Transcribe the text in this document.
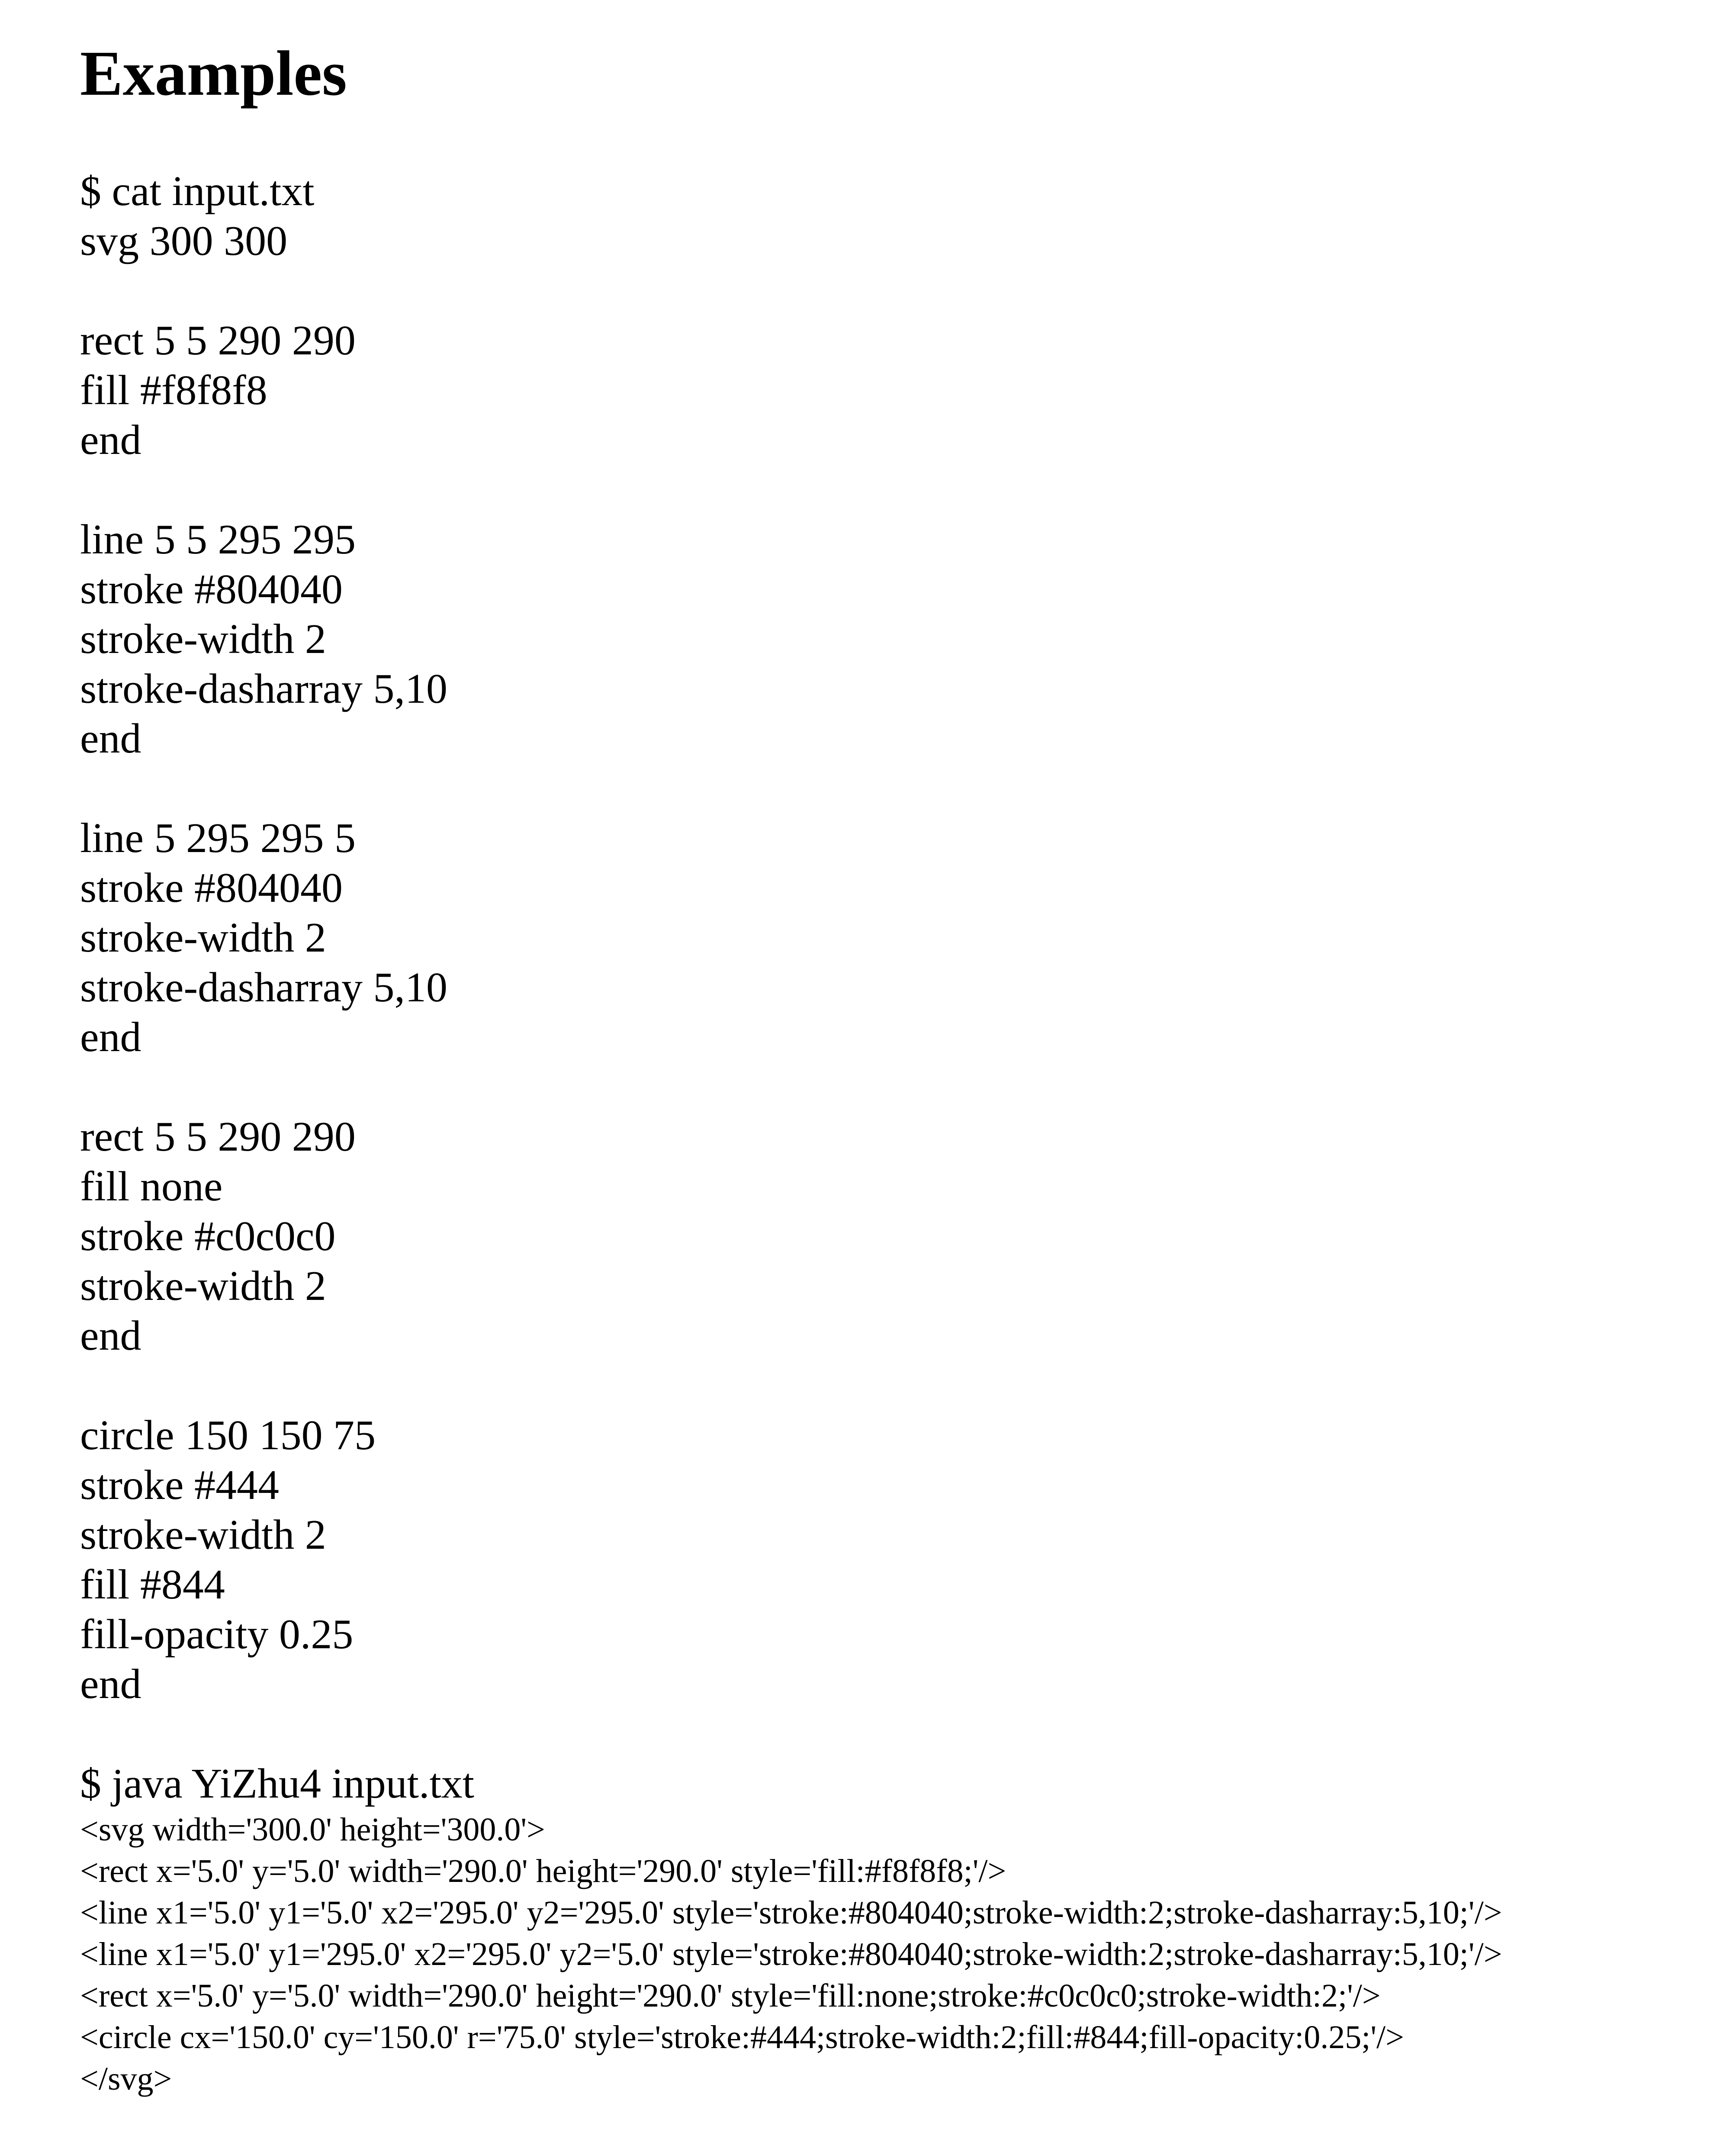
Examples
$ cat input.txt
svg 300 300

rect 5 5 290 290
fill #f8f8f8
end

line 5 5 295 295
stroke #804040
stroke-width 2
stroke-dasharray 5,10
end

line 5 295 295 5
stroke #804040
stroke-width 2
stroke-dasharray 5,10
end

rect 5 5 290 290
fill none
stroke #c0c0c0
stroke-width 2
end

circle 150 150 75
stroke #444
stroke-width 2
fill #844
fill-opacity 0.25
end

$ java YiZhu4 input.txt
<svg width='300.0' height='300.0'>
<rect x='5.0' y='5.0' width='290.0' height='290.0' style='fill:#f8f8f8;'/>
<line x1='5.0' y1='5.0' x2='295.0' y2='295.0' style='stroke:#804040;stroke-width:2;stroke-dasharray:5,10;'/>
<line x1='5.0' y1='295.0' x2='295.0' y2='5.0' style='stroke:#804040;stroke-width:2;stroke-dasharray:5,10;'/>
<rect x='5.0' y='5.0' width='290.0' height='290.0' style='fill:none;stroke:#c0c0c0;stroke-width:2;'/>
<circle cx='150.0' cy='150.0' r='75.0' style='stroke:#444;stroke-width:2;fill:#844;fill-opacity:0.25;'/>
</svg>
